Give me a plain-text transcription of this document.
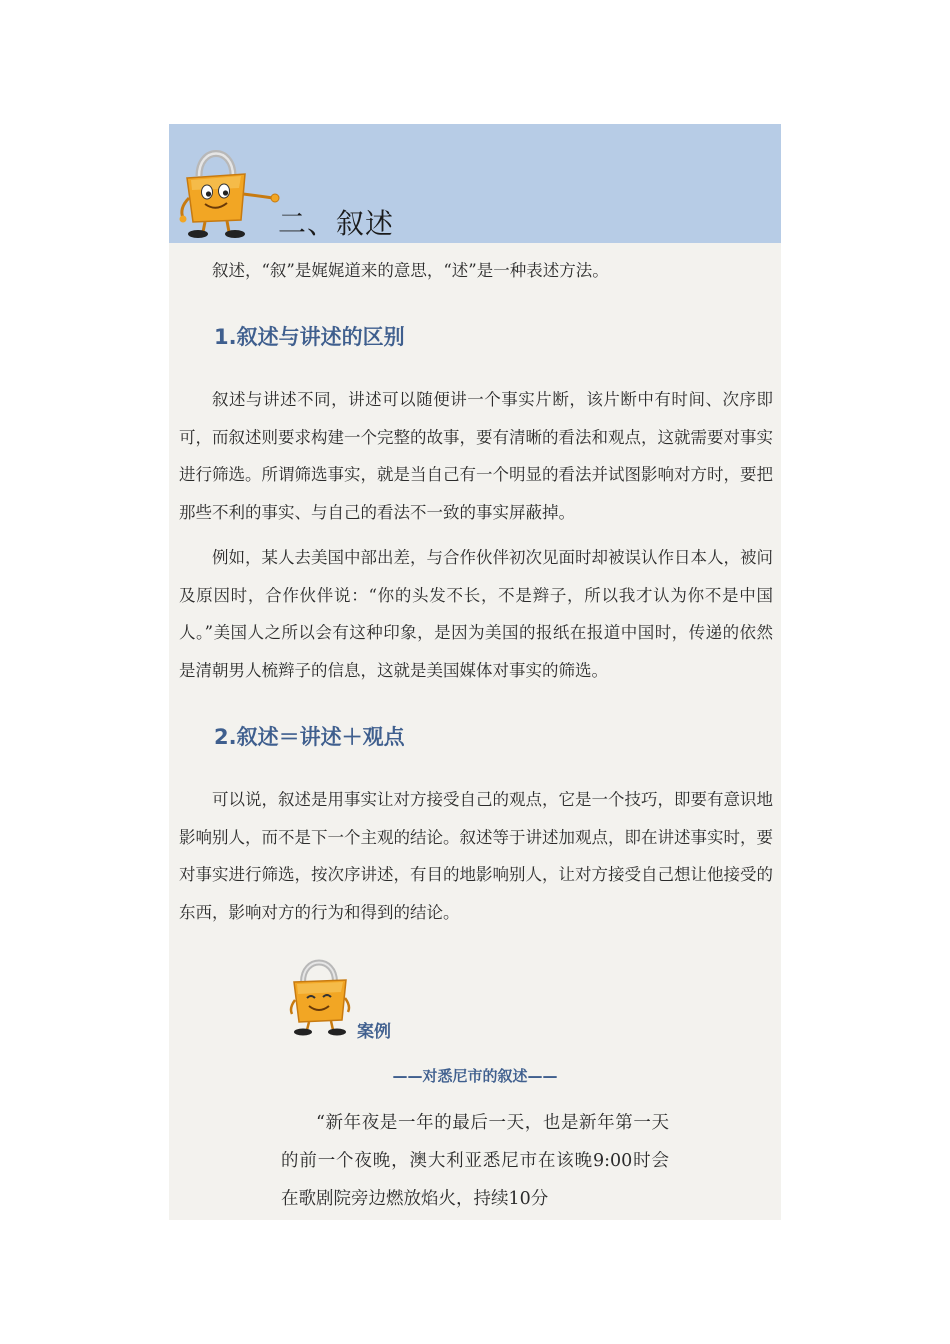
二、叙述

叙述，“叙”是娓娓道来的意思，“述”是一种表述方法。

1.叙述与讲述的区别

叙述与讲述不同，讲述可以随便讲一个事实片断，该片断中有时间、次序即可，而叙述则要求构建一个完整的故事，要有清晰的看法和观点，这就需要对事实进行筛选。所谓筛选事实，就是当自己有一个明显的看法并试图影响对方时，要把那些不利的事实、与自己的看法不一致的事实屏蔽掉。

例如，某人去美国中部出差，与合作伙伴初次见面时却被误认作日本人，被问及原因时，合作伙伴说：“你的头发不长，不是辫子，所以我才认为你不是中国人。”美国人之所以会有这种印象，是因为美国的报纸在报道中国时，传递的依然是清朝男人梳辫子的信息，这就是美国媒体对事实的筛选。

2.叙述＝讲述＋观点

可以说，叙述是用事实让对方接受自己的观点，它是一个技巧，即要有意识地影响别人，而不是下一个主观的结论。叙述等于讲述加观点，即在讲述事实时，要对事实进行筛选，按次序讲述，有目的地影响别人，让对方接受自己想让他接受的东西，影响对方的行为和得到的结论。

案例
——对悉尼市的叙述——

“新年夜是一年的最后一天，也是新年第一天的前一个夜晚，澳大利亚悉尼市在该晚9:00时会在歌剧院旁边燃放焰火，持续10分
